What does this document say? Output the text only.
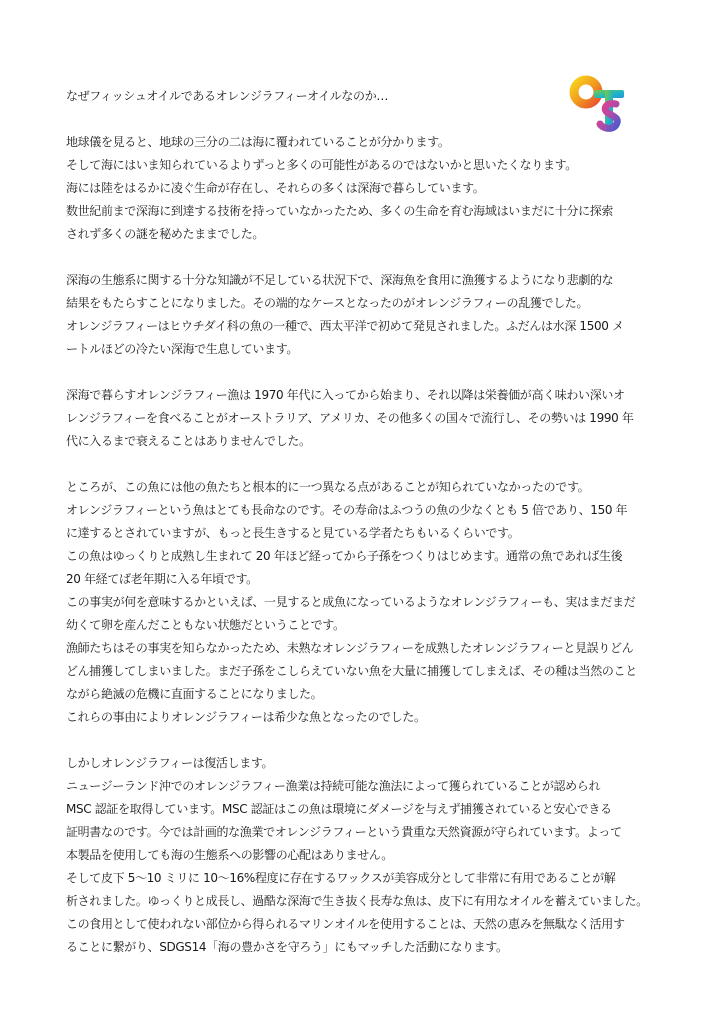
なぜフィッシュオイルであるオレンジラフィーオイルなのか…

地球儀を見ると、地球の三分の二は海に覆われていることが分かります。

そして海にはいま知られているよりずっと多くの可能性があるのではないかと思いたくなります。

海には陸をはるかに凌ぐ生命が存在し、それらの多くは深海で暮らしています。

数世紀前まで深海に到達する技術を持っていなかったため、多くの生命を育む海域はいまだに十分に探索

されず多くの謎を秘めたままでした。

深海の生態系に関する十分な知識が不足している状況下で、深海魚を食用に漁獲するようになり悲劇的な

結果をもたらすことになりました。その端的なケースとなったのがオレンジラフィーの乱獲でした。

オレンジラフィーはヒウチダイ科の魚の一種で、西太平洋で初めて発見されました。ふだんは水深 1500 メ

ートルほどの冷たい深海で生息しています。

深海で暮らすオレンジラフィー漁は 1970 年代に入ってから始まり、それ以降は栄養価が高く味わい深いオ

レンジラフィーを食べることがオーストラリア、アメリカ、その他多くの国々で流行し、その勢いは 1990 年

代に入るまで衰えることはありませんでした。

ところが、この魚には他の魚たちと根本的に一つ異なる点があることが知られていなかったのです。

オレンジラフィーという魚はとても長命なのです。その寿命はふつうの魚の少なくとも 5 倍であり、150 年

に達するとされていますが、もっと長生きすると見ている学者たちもいるくらいです。

この魚はゆっくりと成熟し生まれて 20 年ほど経ってから子孫をつくりはじめます。通常の魚であれば生後

20 年経てば老年期に入る年頃です。

この事実が何を意味するかといえば、一見すると成魚になっているようなオレンジラフィーも、実はまだまだ

幼くて卵を産んだこともない状態だということです。

漁師たちはその事実を知らなかったため、未熟なオレンジラフィーを成熟したオレンジラフィーと見誤りどん

どん捕獲してしまいました。まだ子孫をこしらえていない魚を大量に捕獲してしまえば、その種は当然のこと

ながら絶滅の危機に直面することになりました。

これらの事由によりオレンジラフィーは希少な魚となったのでした。

しかしオレンジラフィーは復活します。

ニュージーランド沖でのオレンジラフィー漁業は持続可能な漁法によって獲られていることが認められ

MSC 認証を取得しています。MSC 認証はこの魚は環境にダメージを与えず捕獲されていると安心できる

証明書なのです。今では計画的な漁業でオレンジラフィーという貴重な天然資源が守られています。よって

本製品を使用しても海の生態系への影響の心配はありません。

そして皮下 5～10 ミリに 10～16%程度に存在するワックスが美容成分として非常に有用であることが解

析されました。ゆっくりと成長し、過酷な深海で生き抜く長寿な魚は、皮下に有用なオイルを蓄えていました。

この食用として使われない部位から得られるマリンオイルを使用することは、天然の恵みを無駄なく活用す

ることに繋がり、SDGS14「海の豊かさを守ろう」にもマッチした活動になります。
